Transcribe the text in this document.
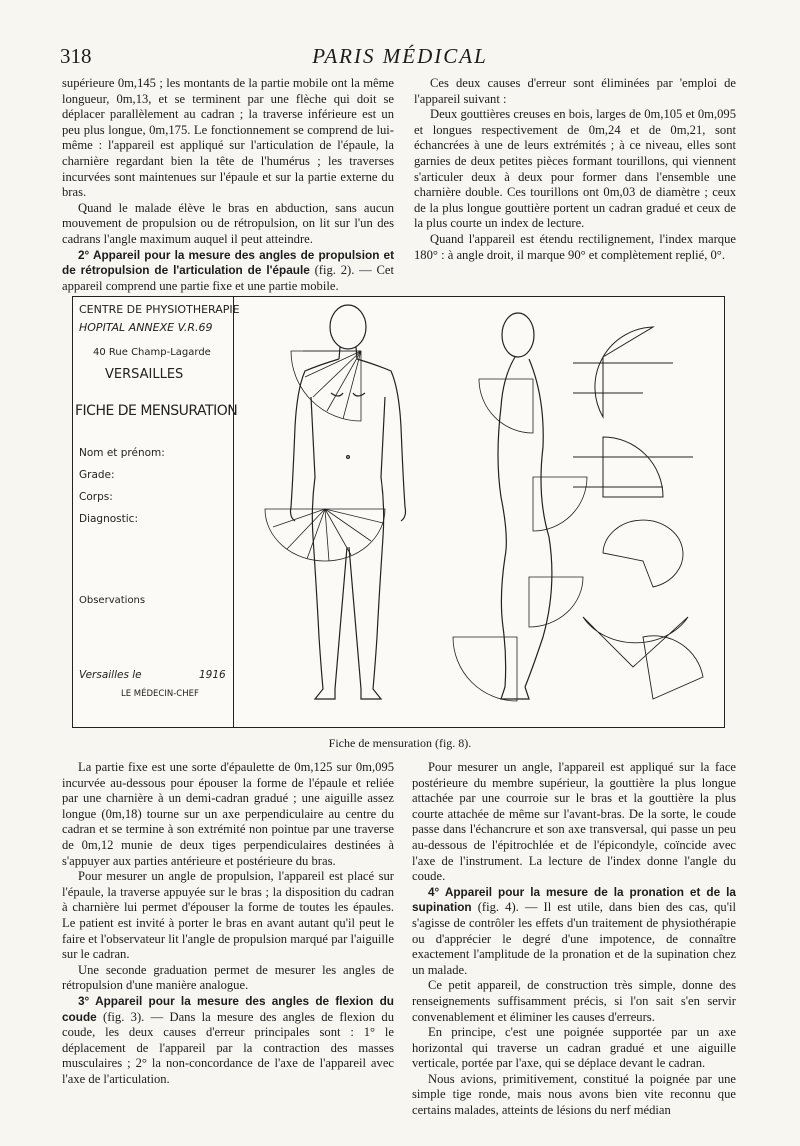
318	PARIS MÉDICAL

supérieure 0m,145 ; les montants de la partie mobile ont la même longueur, 0m,13, et se terminent par une flèche qui doit se déplacer parallèlement au cadran ; la traverse inférieure est un peu plus longue, 0m,175. Le fonctionnement se comprend de lui-même : l'appareil est appliqué sur l'articulation de l'épaule, la charnière regardant bien la tête de l'humérus ; les traverses incurvées sont maintenues sur l'épaule et sur la partie externe du bras.

Quand le malade élève le bras en abduction, sans aucun mouvement de propulsion ou de rétropulsion, on lit sur l'un des cadrans l'angle maximum auquel il peut atteindre.

2° Appareil pour la mesure des angles de propulsion et de rétropulsion de l'articulation de l'épaule (fig. 2). — Cet appareil comprend une partie fixe et une partie mobile.

Ces deux causes d'erreur sont éliminées par 'emploi de l'appareil suivant :

Deux gouttières creuses en bois, larges de 0m,105 et 0m,095 et longues respectivement de 0m,24 et de 0m,21, sont échancrées à une de leurs extrémités ; à ce niveau, elles sont garnies de deux petites pièces formant tourillons, qui viennent s'articuler deux à deux pour former dans l'ensemble une charnière double. Ces tourillons ont 0m,03 de diamètre ; ceux de la plus longue gouttière portent un cadran gradué et ceux de la plus courte un index de lecture.

Quand l'appareil est étendu rectilignement, l'index marque 180° : à angle droit, il marque 90° et complètement replié, 0°.

CENTRE DE PHYSIOTHERAPIE
HOPITAL ANNEXE V.R.69
40 Rue Champ-Lagarde
VERSAILLES
FICHE DE MENSURATION
Nom et prénom:
Grade:
Corps:
Diagnostic:
Observations
Versailles le	1916
LE MÉDECIN-CHEF
Fiche de mensuration (fig. 8).

La partie fixe est une sorte d'épaulette de 0m,125 sur 0m,095 incurvée au-dessous pour épouser la forme de l'épaule et reliée par une charnière à un demi-cadran gradué ; une aiguille assez longue (0m,18) tourne sur un axe perpendiculaire au centre du cadran et se termine à son extrémité non pointue par une traverse de 0m,12 munie de deux tiges perpendiculaires destinées à s'appuyer aux parties antérieure et postérieure du bras.

Pour mesurer un angle de propulsion, l'appareil est placé sur l'épaule, la traverse appuyée sur le bras ; la disposition du cadran à charnière lui permet d'épouser la forme de toutes les épaules. Le patient est invité à porter le bras en avant autant qu'il peut le faire et l'observateur lit l'angle de propulsion marqué par l'aiguille sur le cadran.

Une seconde graduation permet de mesurer les angles de rétropulsion d'une manière analogue.

3° Appareil pour la mesure des angles de flexion du coude (fig. 3). — Dans la mesure des angles de flexion du coude, les deux causes d'erreur principales sont : 1° le déplacement de l'appareil par la contraction des masses musculaires ; 2° la non-concordance de l'axe de l'appareil avec l'axe de l'articulation.

Pour mesurer un angle, l'appareil est appliqué sur la face postérieure du membre supérieur, la gouttière la plus longue attachée par une courroie sur le bras et la gouttière la plus courte attachée de même sur l'avant-bras. De la sorte, le coude passe dans l'échancrure et son axe transversal, qui passe un peu au-dessous de l'épitrochlée et de l'épicondyle, coïncide avec l'axe de l'instrument. La lecture de l'index donne l'angle du coude.

4° Appareil pour la mesure de la pronation et de la supination (fig. 4). — Il est utile, dans bien des cas, qu'il s'agisse de contrôler les effets d'un traitement de physiothérapie ou d'apprécier le degré d'une impotence, de connaître exactement l'amplitude de la pronation et de la supination chez un malade.

Ce petit appareil, de construction très simple, donne des renseignements suffisamment précis, si l'on sait s'en servir convenablement et éliminer les causes d'erreurs.

En principe, c'est une poignée supportée par un axe horizontal qui traverse un cadran gradué et une aiguille verticale, portée par l'axe, qui se déplace devant le cadran.

Nous avions, primitivement, constitué la poignée par une simple tige ronde, mais nous avons bien vite reconnu que certains malades, atteints de lésions du nerf médian
